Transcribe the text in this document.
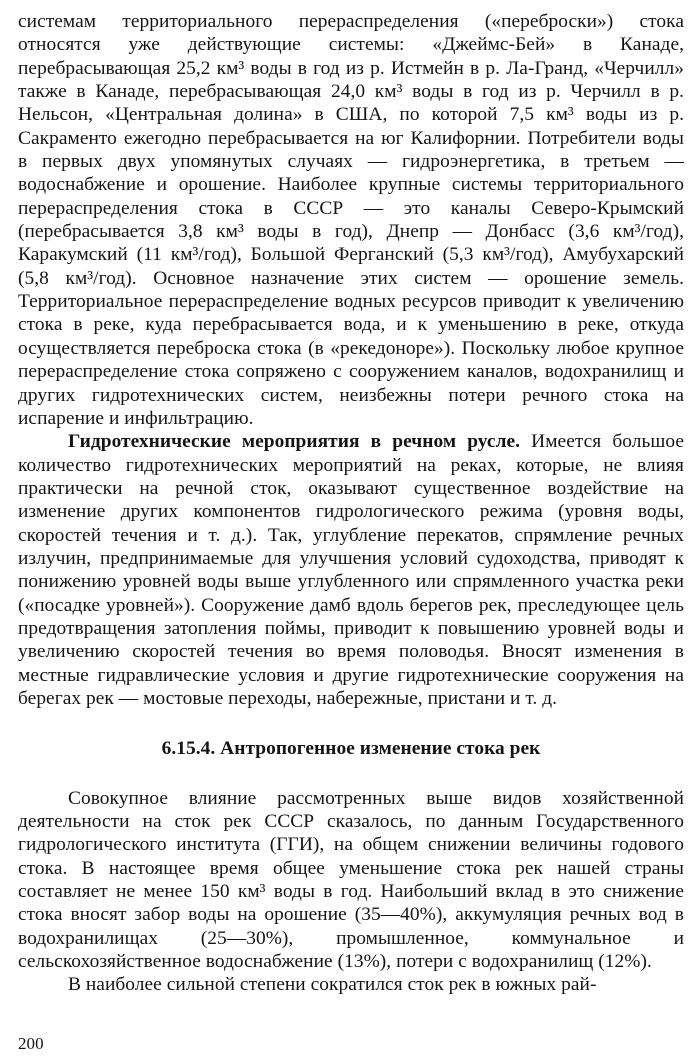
системам территориального перераспределения («переброски») стока относятся уже действующие системы: «Джеймс-Бей» в Канаде, перебрасывающая 25,2 км³ воды в год из р. Истмейн в р. Ла-Гранд, «Черчилл» также в Канаде, перебрасывающая 24,0 км³ воды в год из р. Черчилл в р. Нельсон, «Центральная долина» в США, по которой 7,5 км³ воды из р. Сакраменто ежегодно перебрасывается на юг Калифорнии. Потребители воды в первых двух упомянутых случаях — гидроэнергетика, в третьем — водоснабжение и орошение. Наиболее крупные системы территориального перераспределения стока в СССР — это каналы Северо-Крымский (перебрасывается 3,8 км³ воды в год), Днепр — Донбасс (3,6 км³/год), Каракумский (11 км³/год), Большой Ферганский (5,3 км³/год), Амубухарский (5,8 км³/год). Основное назначение этих систем — орошение земель. Территориальное перераспределение водных ресурсов приводит к увеличению стока в реке, куда перебрасывается вода, и к уменьшению в реке, откуда осуществляется переброска стока (в «рекедоноре»). Поскольку любое крупное перераспределение стока сопряжено с сооружением каналов, водохранилищ и других гидротехнических систем, неизбежны потери речного стока на испарение и инфильтрацию.

Гидротехнические мероприятия в речном русле. Имеется большое количество гидротехнических мероприятий на реках, которые, не влияя практически на речной сток, оказывают существенное воздействие на изменение других компонентов гидрологического режима (уровня воды, скоростей течения и т. д.). Так, углубление перекатов, спрямление речных излучин, предпринимаемые для улучшения условий судоходства, приводят к понижению уровней воды выше углубленного или спрямленного участка реки («посадке уровней»). Сооружение дамб вдоль берегов рек, преследующее цель предотвращения затопления поймы, приводит к повышению уровней воды и увеличению скоростей течения во время половодья. Вносят изменения в местные гидравлические условия и другие гидротехнические сооружения на берегах рек — мостовые переходы, набережные, пристани и т. д.

6.15.4. Антропогенное изменение стока рек

Совокупное влияние рассмотренных выше видов хозяйственной деятельности на сток рек СССР сказалось, по данным Государственного гидрологического института (ГГИ), на общем снижении величины годового стока. В настоящее время общее уменьшение стока рек нашей страны составляет не менее 150 км³ воды в год. Наибольший вклад в это снижение стока вносят забор воды на орошение (35—40%), аккумуляция речных вод в водохранилищах (25—30%), промышленное, коммунальное и сельскохозяйственное водоснабжение (13%), потери с водохранилищ (12%).

В наиболее сильной степени сократился сток рек в южных рай-

200
